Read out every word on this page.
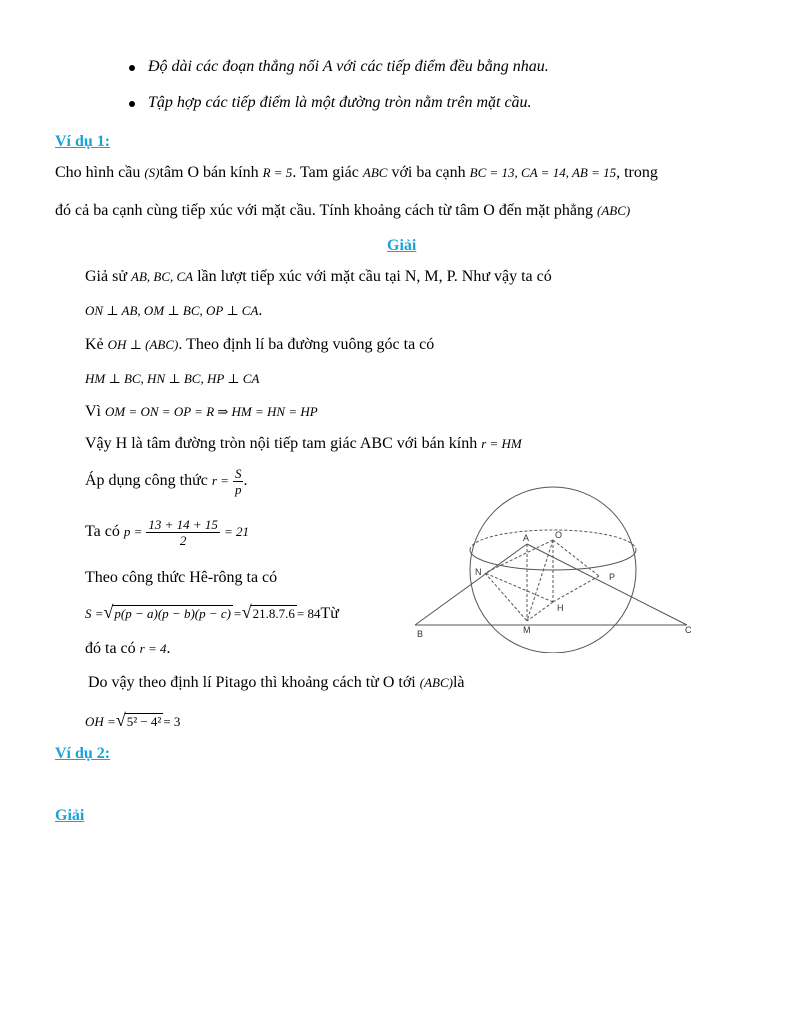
Độ dài các đoạn thẳng nối A với các tiếp điểm đều bằng nhau.
Tập hợp các tiếp điểm là một đường tròn nằm trên mặt cầu.
Ví dụ 1:
Cho hình cầu (S)tâm O bán kính R = 5. Tam giác ABC với ba cạnh BC = 13, CA = 14, AB = 15, trong
đó cả ba cạnh cùng tiếp xúc với mặt cầu. Tính khoảng cách từ tâm O đến mặt phẳng (ABC)
Giải
Giả sử AB, BC, CA lần lượt tiếp xúc với mặt cầu tại N, M, P. Như vậy ta có
ON ⊥ AB, OM ⊥ BC, OP ⊥ CA.
Kẻ OH ⊥ (ABC). Theo định lí ba đường vuông góc ta có
HM ⊥ BC, HN ⊥ BC, HP ⊥ CA
Vì OM = ON = OP = R ⇒ HM = HN = HP
Vậy H là tâm đường tròn nội tiếp tam giác ABC với bán kính r = HM
Áp dụng công thức $r = \frac{S}{p}$ .
Ta có $p = \frac{13 + 14 + 15}{2} = 21$
Theo công thức Hê-rông ta có
S =√p(p − a)(p − b)(p − c) =√21.8.7.6 = 84Từ
đó ta có r = 4.
Do vậy theo định lí Pitago thì khoảng cách từ O tới (ABC)là
OH =√5² − 4² = 3
Ví dụ 2:
Giải
A	O
N	P
H
B	M	C
